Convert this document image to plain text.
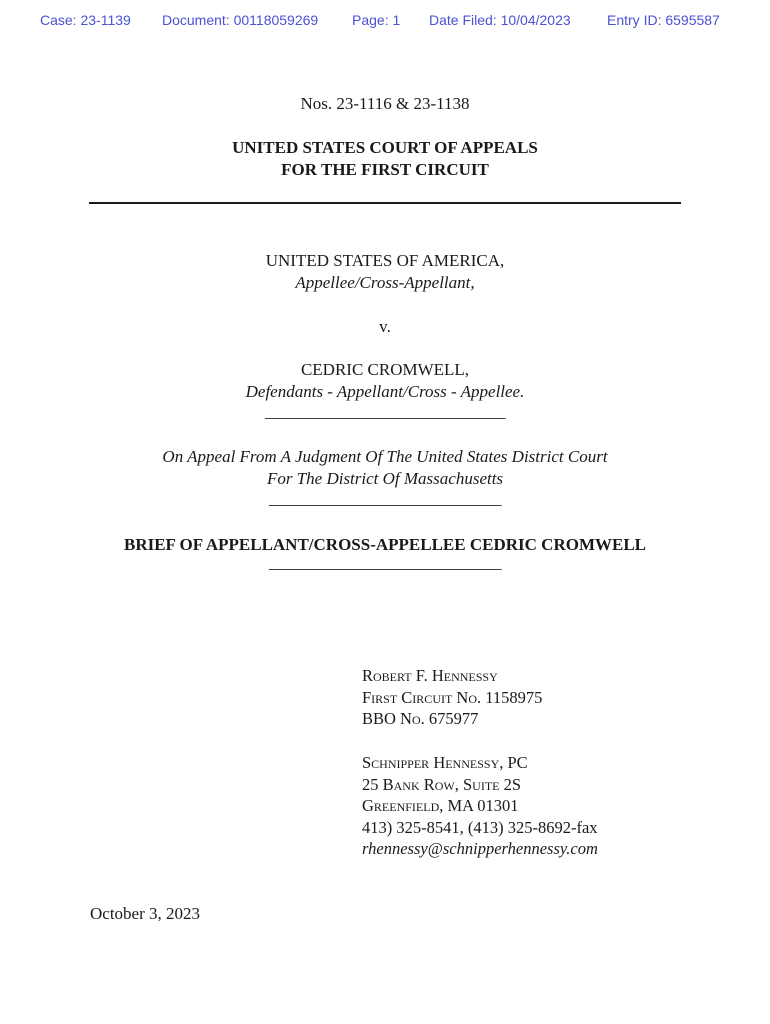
Case: 23-1139 Document: 00118059269 Page: 1 Date Filed: 10/04/2023	Entry ID: 6595587
Nos. 23-1116 & 23-1138
UNITED STATES COURT OF APPEALS
FOR THE FIRST CIRCUIT
UNITED STATES OF AMERICA,
Appellee/Cross-Appellant,
v.
CEDRIC CROMWELL,
Defendants - Appellant/Cross - Appellee.
______________________________
On Appeal From A Judgment Of The United States District Court
For The District Of Massachusetts
_____________________________
BRIEF OF APPELLANT/CROSS-APPELLEE CEDRIC CROMWELL
_____________________________
Robert F. Hennessy
First Circuit No. 1158975
BBO No. 675977
Schnipper Hennessy, PC
25 Bank Row, Suite 2S
Greenfield, MA 01301
413) 325-8541, (413) 325-8692-fax
rhennessy@schnipperhennessy.com
October 3, 2023
